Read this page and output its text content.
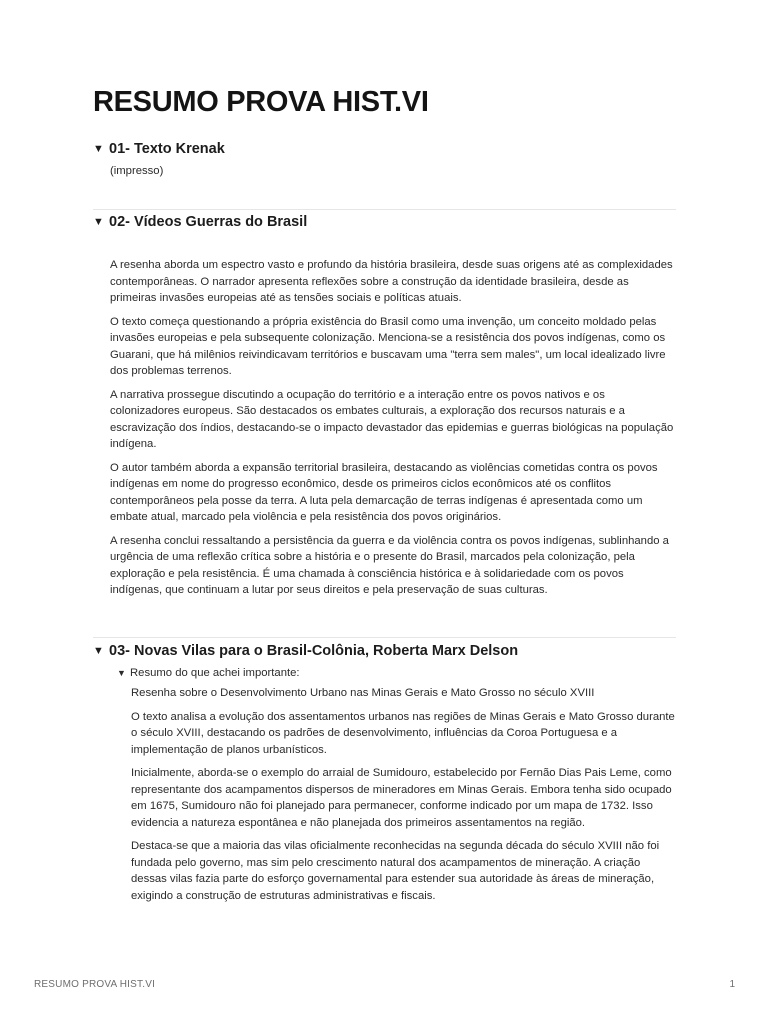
RESUMO PROVA HIST.VI
▼ 01- Texto Krenak

(impresso)

▼ 02- Vídeos Guerras do Brasil

A resenha aborda um espectro vasto e profundo da história brasileira, desde suas origens até as complexidades contemporâneas. O narrador apresenta reflexões sobre a construção da identidade brasileira, desde as primeiras invasões europeias até as tensões sociais e políticas atuais.

O texto começa questionando a própria existência do Brasil como uma invenção, um conceito moldado pelas invasões europeias e pela subsequente colonização. Menciona-se a resistência dos povos indígenas, como os Guarani, que há milênios reivindicavam territórios e buscavam uma "terra sem males", um local idealizado livre dos problemas terrenos.

A narrativa prossegue discutindo a ocupação do território e a interação entre os povos nativos e os colonizadores europeus. São destacados os embates culturais, a exploração dos recursos naturais e a escravização dos índios, destacando-se o impacto devastador das epidemias e guerras biológicas na população indígena.

O autor também aborda a expansão territorial brasileira, destacando as violências cometidas contra os povos indígenas em nome do progresso econômico, desde os primeiros ciclos econômicos até os conflitos contemporâneos pela posse da terra. A luta pela demarcação de terras indígenas é apresentada como um embate atual, marcado pela violência e pela resistência dos povos originários.

A resenha conclui ressaltando a persistência da guerra e da violência contra os povos indígenas, sublinhando a urgência de uma reflexão crítica sobre a história e o presente do Brasil, marcados pela colonização, pela exploração e pela resistência. É uma chamada à consciência histórica e à solidariedade com os povos indígenas, que continuam a lutar por seus direitos e pela preservação de suas culturas.

▼ 03- Novas Vilas para o Brasil-Colônia, Roberta Marx Delson
▼ Resumo do que achei importante:

Resenha sobre o Desenvolvimento Urbano nas Minas Gerais e Mato Grosso no século XVIII

O texto analisa a evolução dos assentamentos urbanos nas regiões de Minas Gerais e Mato Grosso durante o século XVIII, destacando os padrões de desenvolvimento, influências da Coroa Portuguesa e a implementação de planos urbanísticos.

Inicialmente, aborda-se o exemplo do arraial de Sumidouro, estabelecido por Fernão Dias Pais Leme, como representante dos acampamentos dispersos de mineradores em Minas Gerais. Embora tenha sido ocupado em 1675, Sumidouro não foi planejado para permanecer, conforme indicado por um mapa de 1732. Isso evidencia a natureza espontânea e não planejada dos primeiros assentamentos na região.

Destaca-se que a maioria das vilas oficialmente reconhecidas na segunda década do século XVIII não foi fundada pelo governo, mas sim pelo crescimento natural dos acampamentos de mineração. A criação dessas vilas fazia parte do esforço governamental para estender sua autoridade às áreas de mineração, exigindo a construção de estruturas administrativas e fiscais.

RESUMO PROVA HIST.VI	1
